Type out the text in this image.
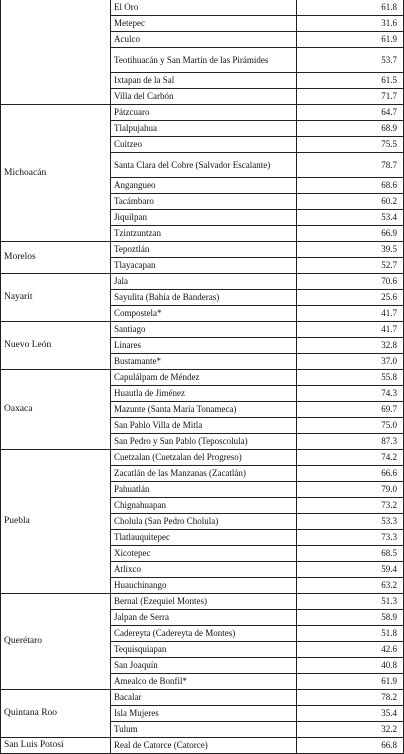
	El Oro	61.8
	Metepec	31.6
	Aculco	61.9
	Teotihuacán y San Martín de las Pirámides	53.7
	Ixtapan de la Sal	61.5
	Villa del Carbón	71.7
Michoacán	Pátzcuaro	64.7
	Tlalpujahua	68.9
	Cuitzeo	75.5
	Santa Clara del Cobre (Salvador Escalante)	78.7
	Angangueo	68.6
	Tacámbaro	60.2
	Jiquilpan	53.4
	Tzintzuntzan	66.9
Morelos	Tepoztlán	39.5
	Tlayacapan	52.7
Nayarit	Jala	70.6
	Sayulita (Bahía de Banderas)	25.6
	Compostela*	41.7
Nuevo León	Santiago	41.7
	Linares	32.8
	Bustamante*	37.0
Oaxaca	Capulálpam de Méndez	55.8
	Huautla de Jiménez	74.3
	Mazunte (Santa María Tonameca)	69.7
	San Pablo Villa de Mitla	75.0
	San Pedro y San Pablo (Teposcolula)	87.3
Puebla	Cuetzalan (Cuetzalan del Progreso)	74.2
	Zacatlán de las Manzanas (Zacatlán)	66.6
	Pahuatlán	79.0
	Chignahuapan	73.2
	Cholula (San Pedro Cholula)	53.3
	Tlatlauquitepec	73.3
	Xicotepec	68.5
	Atlixco	59.4
	Huauchinango	63.2
Querétaro	Bernal (Ezequiel Montes)	51.3
	Jalpan de Serra	58.9
	Cadereyta (Cadereyta de Montes)	51.8
	Tequisquiapan	42.6
	San Joaquín	40.8
	Amealco de Bonfil*	61.9
Quintana Roo	Bacalar	78.2
	Isla Mujeres	35.4
	Tulum	32.2
San Luis Potosí	Real de Catorce (Catorce)	66.8
